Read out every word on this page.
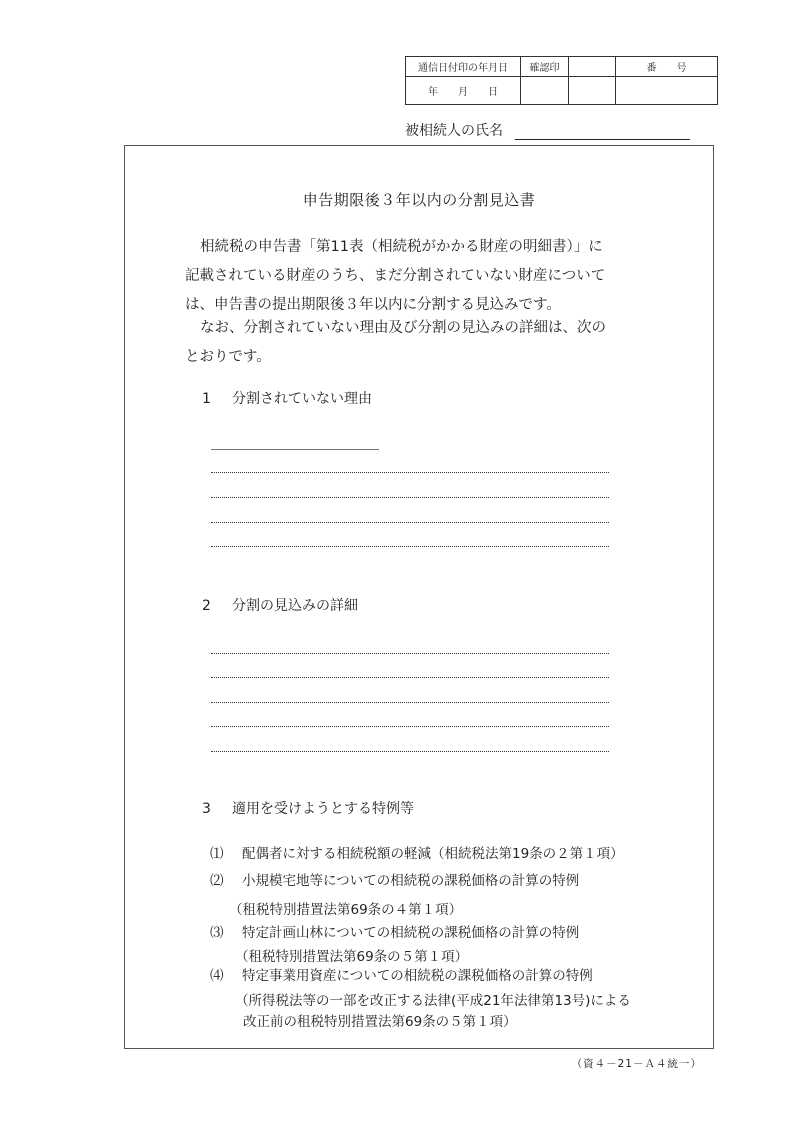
通信日付印の年月日	確認印		番　　号
年　　月　　日			
被相続人の氏名
申告期限後３年以内の分割見込書
相続税の申告書「第11表（相続税がかかる財産の明細書）」に
記載されている財産のうち、まだ分割されていない財産について
は、申告書の提出期限後３年以内に分割する見込みです。
なお、分割されていない理由及び分割の見込みの詳細は、次の
とおりです。
1 分割されていない理由
2 分割の見込みの詳細
3 適用を受けようとする特例等
⑴ 配偶者に対する相続税額の軽減（相続税法第19条の２第１項）
⑵ 小規模宅地等についての相続税の課税価格の計算の特例
（租税特別措置法第69条の４第１項）
⑶ 特定計画山林についての相続税の課税価格の計算の特例
（租税特別措置法第69条の５第１項）
⑷ 特定事業用資産についての相続税の課税価格の計算の特例
（所得税法等の一部を改正する法律(平成21年法律第13号)による
改正前の租税特別措置法第69条の５第１項）
（資４－21－Ａ４統一）
